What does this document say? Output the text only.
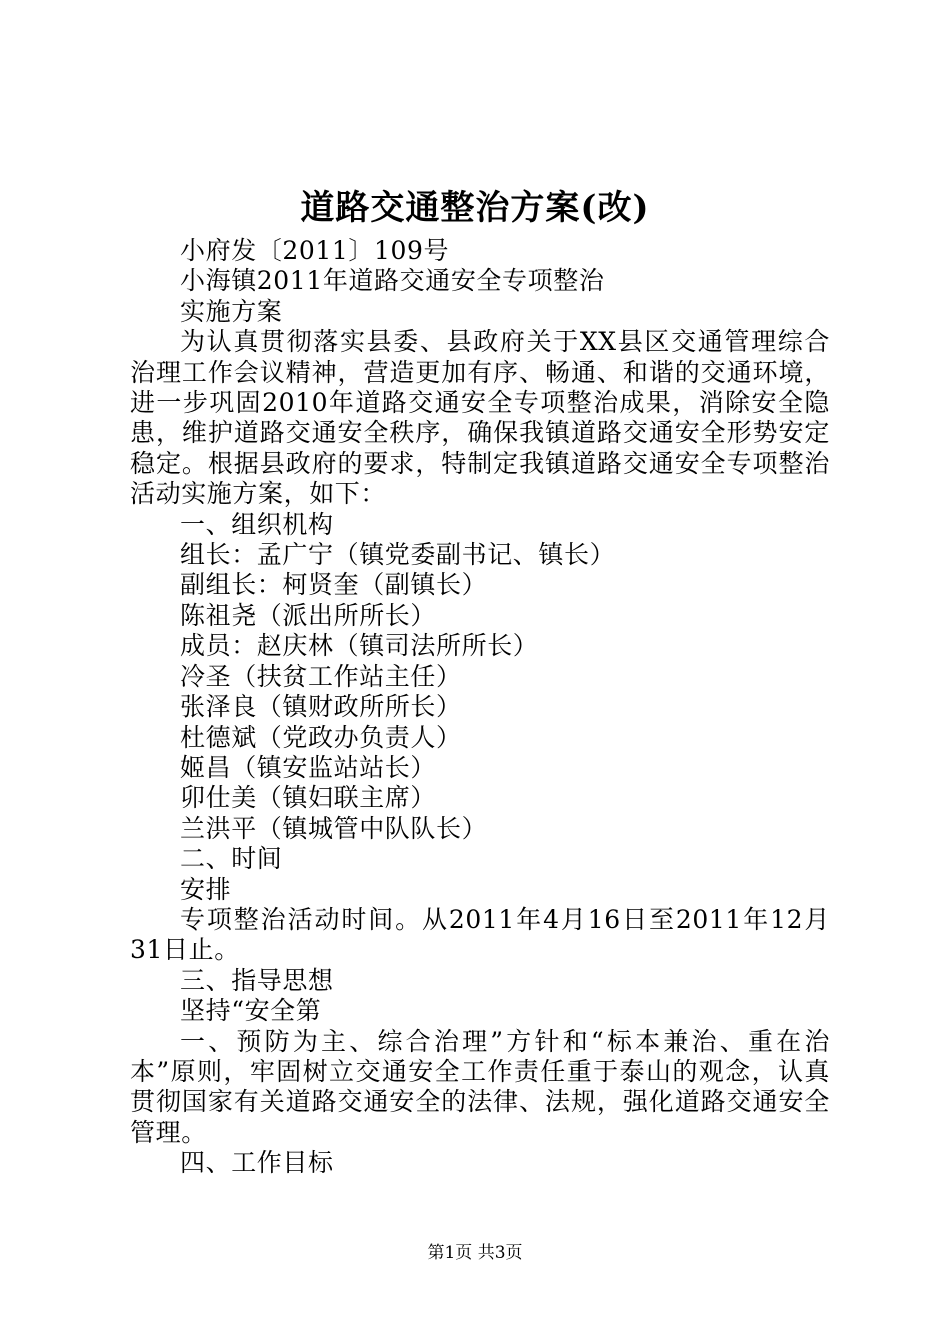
道路交通整治方案(改)

小府发〔2011〕109号

小海镇2011年道路交通安全专项整治

实施方案

为认真贯彻落实县委、县政府关于XX县区交通管理综合治理工作会议精神，营造更加有序、畅通、和谐的交通环境，进一步巩固2010年道路交通安全专项整治成果，消除安全隐患，维护道路交通安全秩序，确保我镇道路交通安全形势安定稳定。根据县政府的要求，特制定我镇道路交通安全专项整治活动实施方案，如下：

一、组织机构

组长：孟广宁（镇党委副书记、镇长）

副组长：柯贤奎（副镇长）

陈祖尧（派出所所长）

成员：赵庆林（镇司法所所长）

冷圣（扶贫工作站主任）

张泽良（镇财政所所长）

杜德斌（党政办负责人）

姬昌（镇安监站站长）

卯仕美（镇妇联主席）

兰洪平（镇城管中队队长）

二、时间

安排

专项整治活动时间。从2011年4月16日至2011年12月31日止。

三、指导思想

坚持“安全第

一、预防为主、综合治理”方针和“标本兼治、重在治本”原则，牢固树立交通安全工作责任重于泰山的观念，认真贯彻国家有关道路交通安全的法律、法规，强化道路交通安全管理。

四、工作目标

第1页 共3页
